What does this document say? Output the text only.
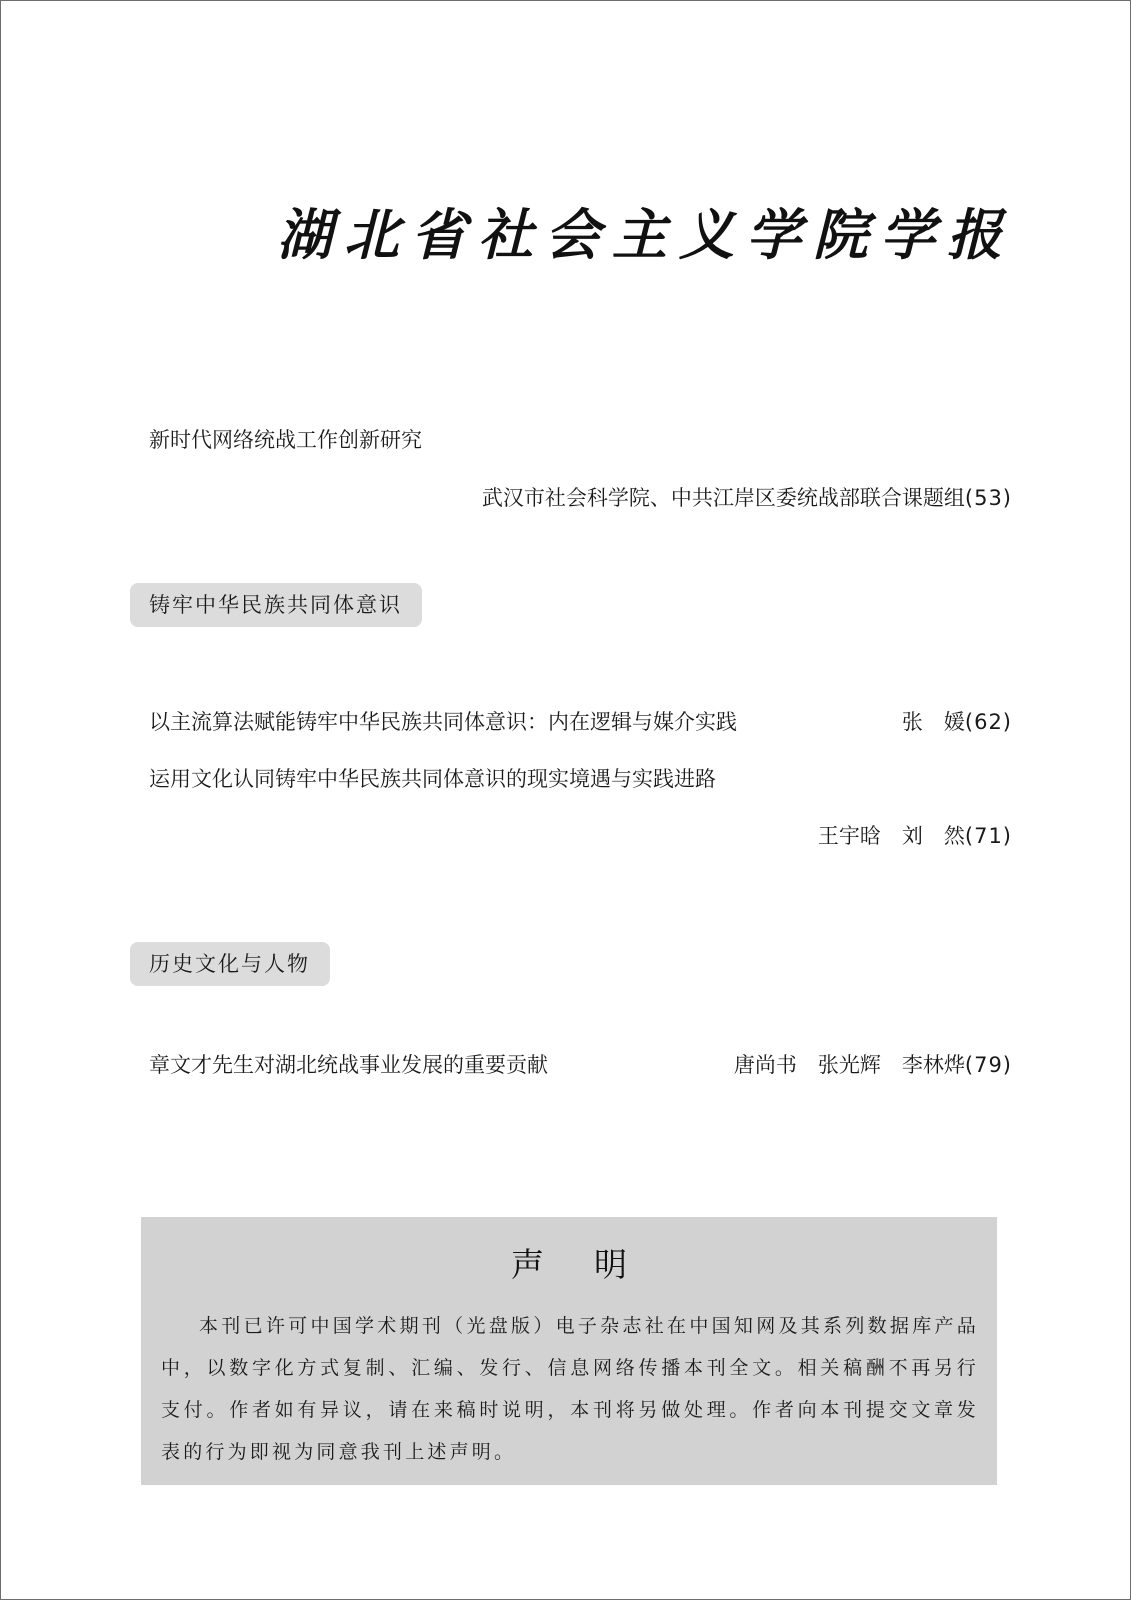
湖北省社会主义学院学报
新时代网络统战工作创新研究
武汉市社会科学院、中共江岸区委统战部联合课题组(53)
铸牢中华民族共同体意识
以主流算法赋能铸牢中华民族共同体意识：内在逻辑与媒介实践	张　媛(62)
运用文化认同铸牢中华民族共同体意识的现实境遇与实践进路
王宇晗　刘　然(71)
历史文化与人物
章文才先生对湖北统战事业发展的重要贡献	唐尚书　张光辉　李林烨(79)
声明
本刊已许可中国学术期刊（光盘版）电子杂志社在中国知网及其系列数据库产品中，以数字化方式复制、汇编、发行、信息网络传播本刊全文。相关稿酬不再另行支付。作者如有异议，请在来稿时说明，本刊将另做处理。作者向本刊提交文章发表的行为即视为同意我刊上述声明。
